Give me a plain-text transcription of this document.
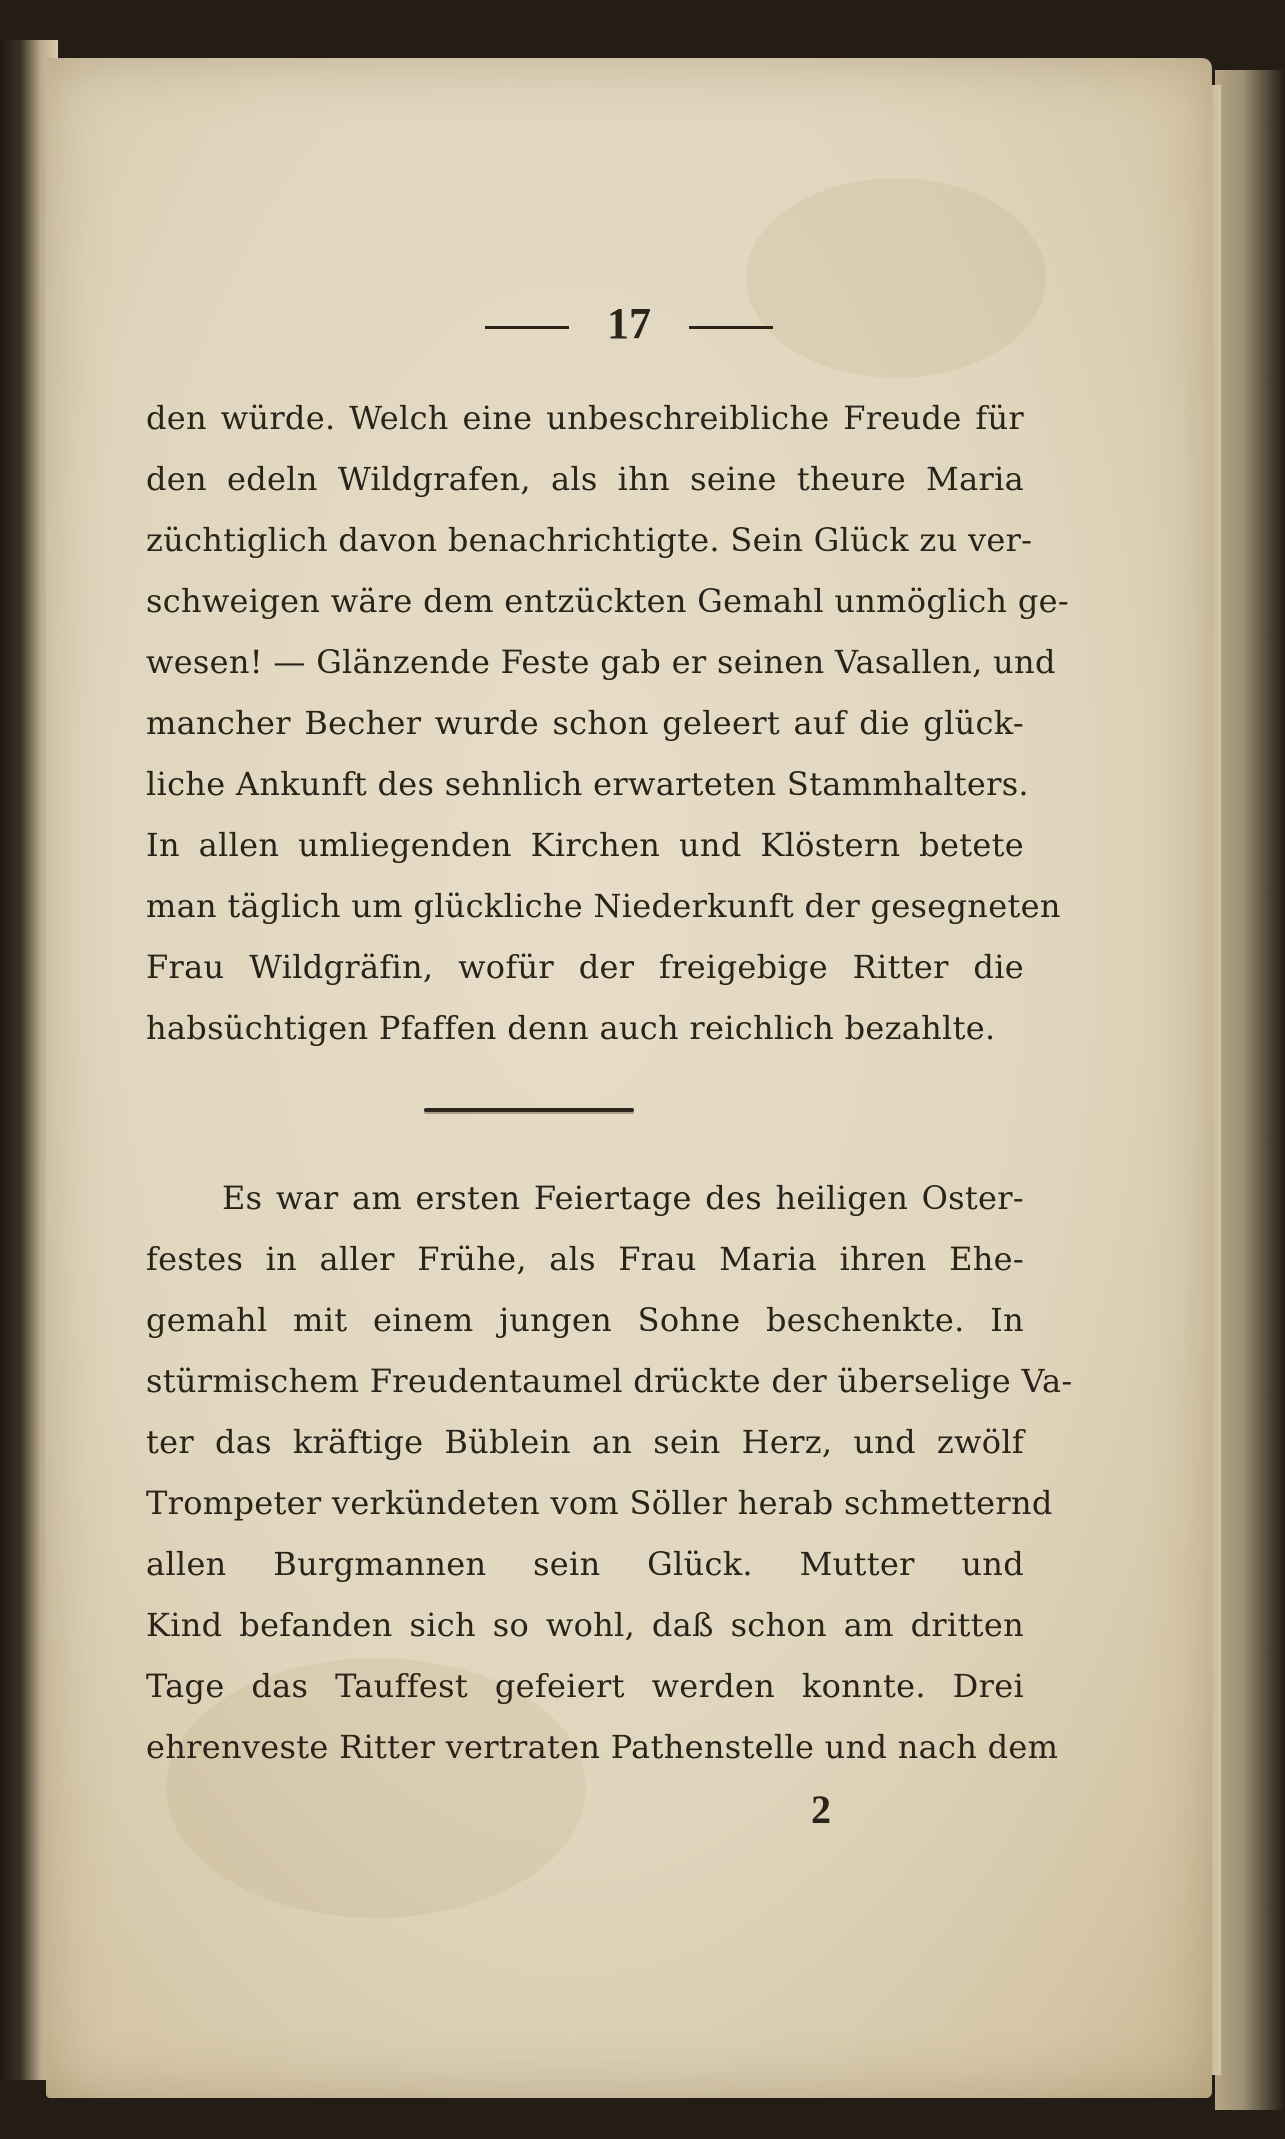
17
den würde. Welch eine unbeschreibliche Freude für
den edeln Wildgrafen, als ihn seine theure Maria
züchtiglich davon benachrichtigte. Sein Glück zu ver-
schweigen wäre dem entzückten Gemahl unmöglich ge-
wesen! — Glänzende Feste gab er seinen Vasallen, und
mancher Becher wurde schon geleert auf die glück-
liche Ankunft des sehnlich erwarteten Stammhalters.
In allen umliegenden Kirchen und Klöstern betete
man täglich um glückliche Niederkunft der gesegneten
Frau Wildgräfin, wofür der freigebige Ritter die
habsüchtigen Pfaffen denn auch reichlich bezahlte.
Es war am ersten Feiertage des heiligen Oster-
festes in aller Frühe, als Frau Maria ihren Ehe-
gemahl mit einem jungen Sohne beschenkte. In
stürmischem Freudentaumel drückte der überselige Va-
ter das kräftige Büblein an sein Herz, und zwölf
Trompeter verkündeten vom Söller herab schmetternd
allen Burgmannen sein Glück. Mutter und
Kind befanden sich so wohl, daß schon am dritten
Tage das Tauffest gefeiert werden konnte. Drei
ehrenveste Ritter vertraten Pathenstelle und nach dem
2
